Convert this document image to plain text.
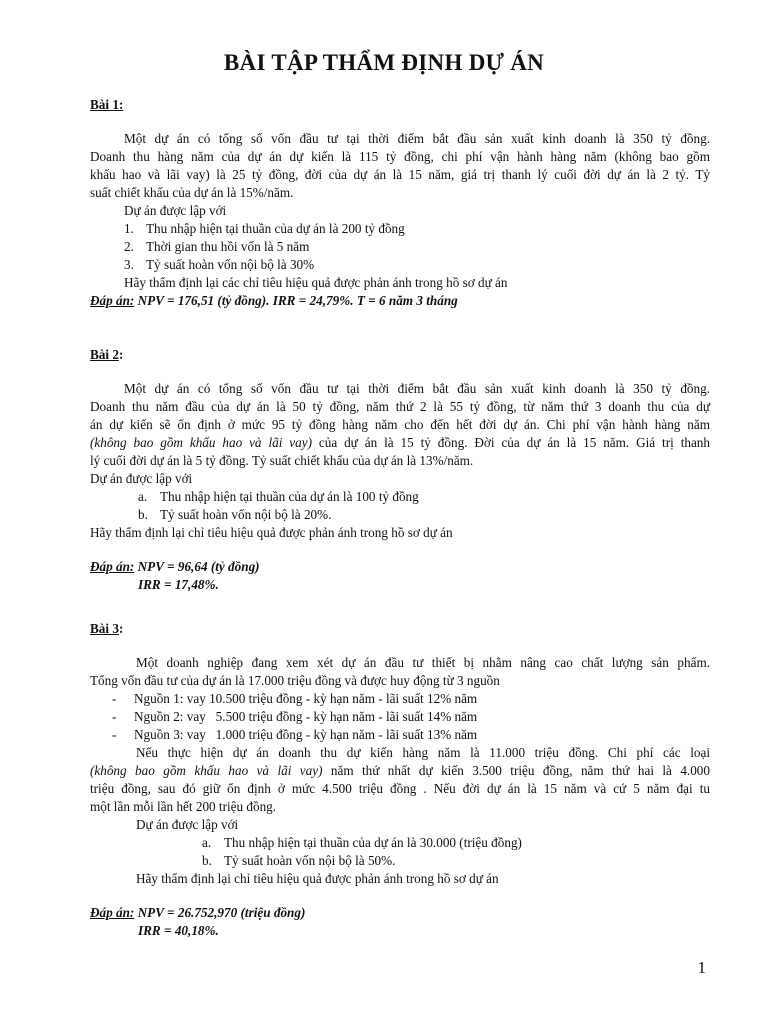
BÀI TẬP THẨM ĐỊNH DỰ ÁN
Bài 1:

Một dự án có tổng số vốn đầu tư tại thời điểm bắt đầu sản xuất kinh doanh là 350 tỷ đồng.

Doanh thu hàng năm của dự án dự kiến là 115 tỷ đồng, chi phí vận hành hàng năm (không bao gồm

khấu hao và lãi vay) là 25 tỷ đồng, đời của dự án là 15 năm, giá trị thanh lý cuối đời dự án là 2 tỷ. Tỷ

suất chiết khấu của dự án là 15%/năm.

Dự án được lập với

1. Thu nhập hiện tại thuần của dự án là 200 tỷ đồng
2. Thời gian thu hồi vốn là 5 năm
3. Tỷ suất hoàn vốn nội bộ là 30%

Hãy thẩm định lại các chỉ tiêu hiệu quả được phản ánh trong hồ sơ dự án

Đáp án: NPV = 176,51 (tỷ đồng). IRR = 24,79%. T = 6 năm 3 tháng

Bài 2:

Một dự án có tổng số vốn đầu tư tại thời điểm bắt đầu sản xuất kinh doanh là 350 tỷ đồng.

Doanh thu năm đầu của dự án là 50 tỷ đồng, năm thứ 2 là 55 tỷ đồng, từ năm thứ 3 doanh thu của dự

án dự kiến sẽ ổn định ở mức 95 tỷ đồng hàng năm cho đến hết đời dự án. Chi phí vận hành hàng năm

(không bao gồm khấu hao và lãi vay) của dự án là 15 tỷ đồng. Đời của dự án là 15 năm. Giá trị thanh

lý cuối đời dự án là 5 tỷ đồng. Tỷ suất chiết khấu của dự án là 13%/năm.

Dự án được lập với

a. Thu nhập hiện tại thuần của dự án là 100 tỷ đồng
b. Tỷ suất hoàn vốn nội bộ là 20%.

Hãy thẩm định lại chỉ tiêu hiệu quả được phản ánh trong hồ sơ dự án

Đáp án: NPV = 96,64 (tỷ đồng)

IRR = 17,48%.

Bài 3:

Một doanh nghiệp đang xem xét dự án đầu tư thiết bị nhằm nâng cao chất lượng sản phẩm.

Tổng vốn đầu tư của dự án là 17.000 triệu đồng và được huy động từ 3 nguồn

- Nguồn 1: vay 10.500 triệu đồng - kỳ hạn năm - lãi suất 12% năm
- Nguồn 2: vay   5.500 triệu đồng - kỳ hạn năm - lãi suất 14% năm
- Nguồn 3: vay   1.000 triệu đồng - kỳ hạn năm - lãi suất 13% năm

Nếu thực hiện dự án doanh thu dự kiến hàng năm là 11.000 triệu đồng. Chi phí các loại

(không bao gồm khấu hao và lãi vay) năm thứ nhất dự kiến 3.500 triệu đồng, năm thứ hai là 4.000

triệu đồng, sau đó giữ ổn định ở mức 4.500 triệu đồng . Nếu đời dự án là 15 năm và cứ 5 năm đại tu

một lần mỗi lần hết 200 triệu đồng.

Dự án được lập với

a. Thu nhập hiện tại thuần của dự án là 30.000 (triệu đồng)
b. Tỷ suất hoàn vốn nội bộ là 50%.

Hãy thẩm định lại chỉ tiêu hiệu quả được phản ánh trong hồ sơ dự án

Đáp án: NPV = 26.752,970 (triệu đồng)

IRR = 40,18%.

1
